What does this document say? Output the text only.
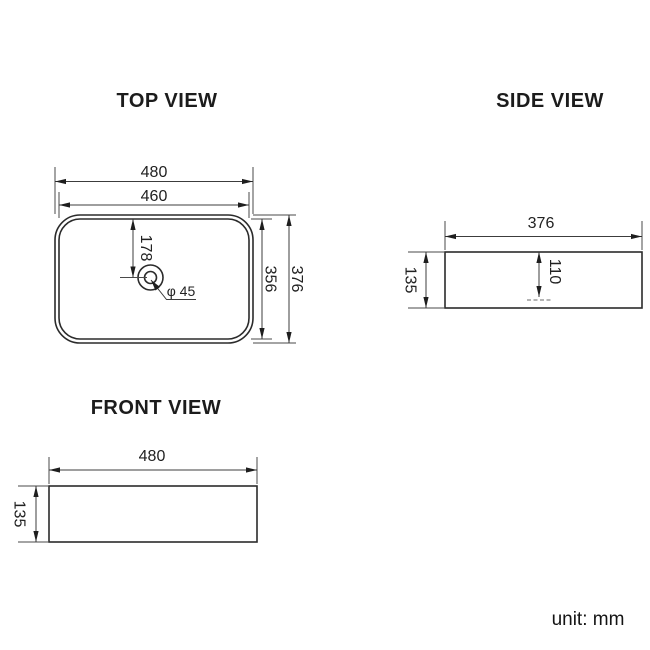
TOP VIEW
480
460
178
φ 45	356 376
SIDE VIEW
376
135	110
FRONT VIEW
480
135
unit: mm
